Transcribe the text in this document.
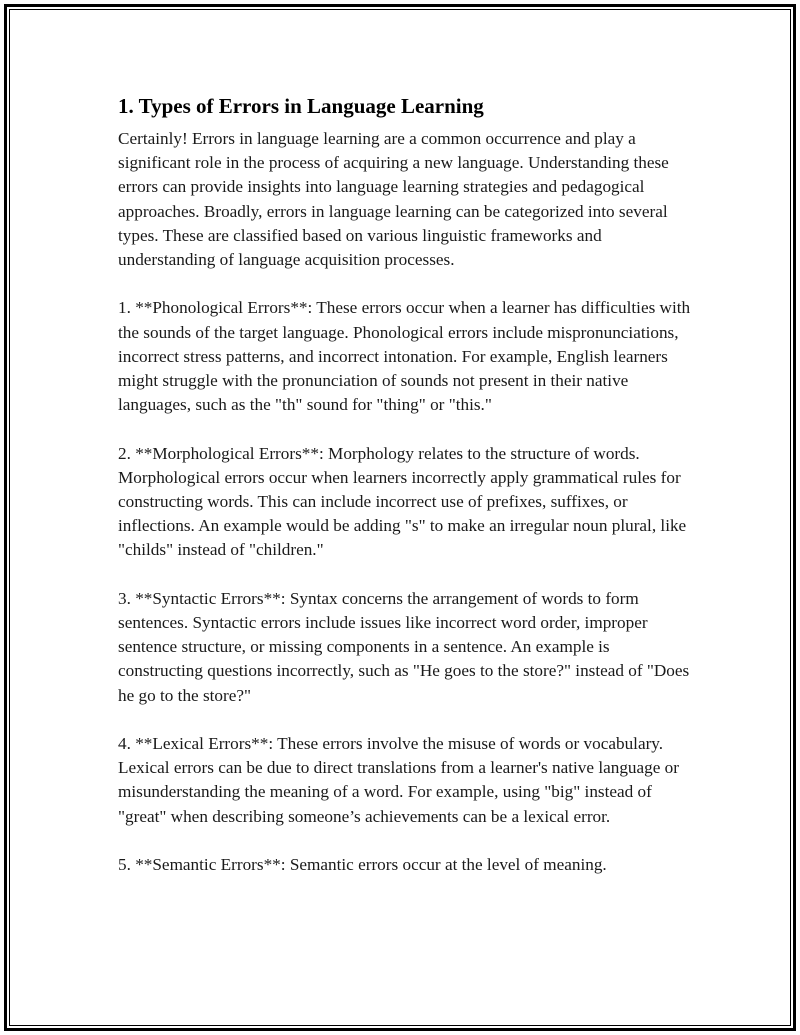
1. Types of Errors in Language Learning

Certainly! Errors in language learning are a common occurrence and play a significant role in the process of acquiring a new language. Understanding these errors can provide insights into language learning strategies and pedagogical approaches. Broadly, errors in language learning can be categorized into several types. These are classified based on various linguistic frameworks and understanding of language acquisition processes.

1. **Phonological Errors**: These errors occur when a learner has difficulties with the sounds of the target language. Phonological errors include mispronunciations, incorrect stress patterns, and incorrect intonation. For example, English learners might struggle with the pronunciation of sounds not present in their native languages, such as the "th" sound for "thing" or "this."

2. **Morphological Errors**: Morphology relates to the structure of words. Morphological errors occur when learners incorrectly apply grammatical rules for constructing words. This can include incorrect use of prefixes, suffixes, or inflections. An example would be adding "s" to make an irregular noun plural, like "childs" instead of "children."

3. **Syntactic Errors**: Syntax concerns the arrangement of words to form sentences. Syntactic errors include issues like incorrect word order, improper sentence structure, or missing components in a sentence. An example is constructing questions incorrectly, such as "He goes to the store?" instead of "Does he go to the store?"

4. **Lexical Errors**: These errors involve the misuse of words or vocabulary. Lexical errors can be due to direct translations from a learner's native language or misunderstanding the meaning of a word. For example, using "big" instead of "great" when describing someone’s achievements can be a lexical error.

5. **Semantic Errors**: Semantic errors occur at the level of meaning.
